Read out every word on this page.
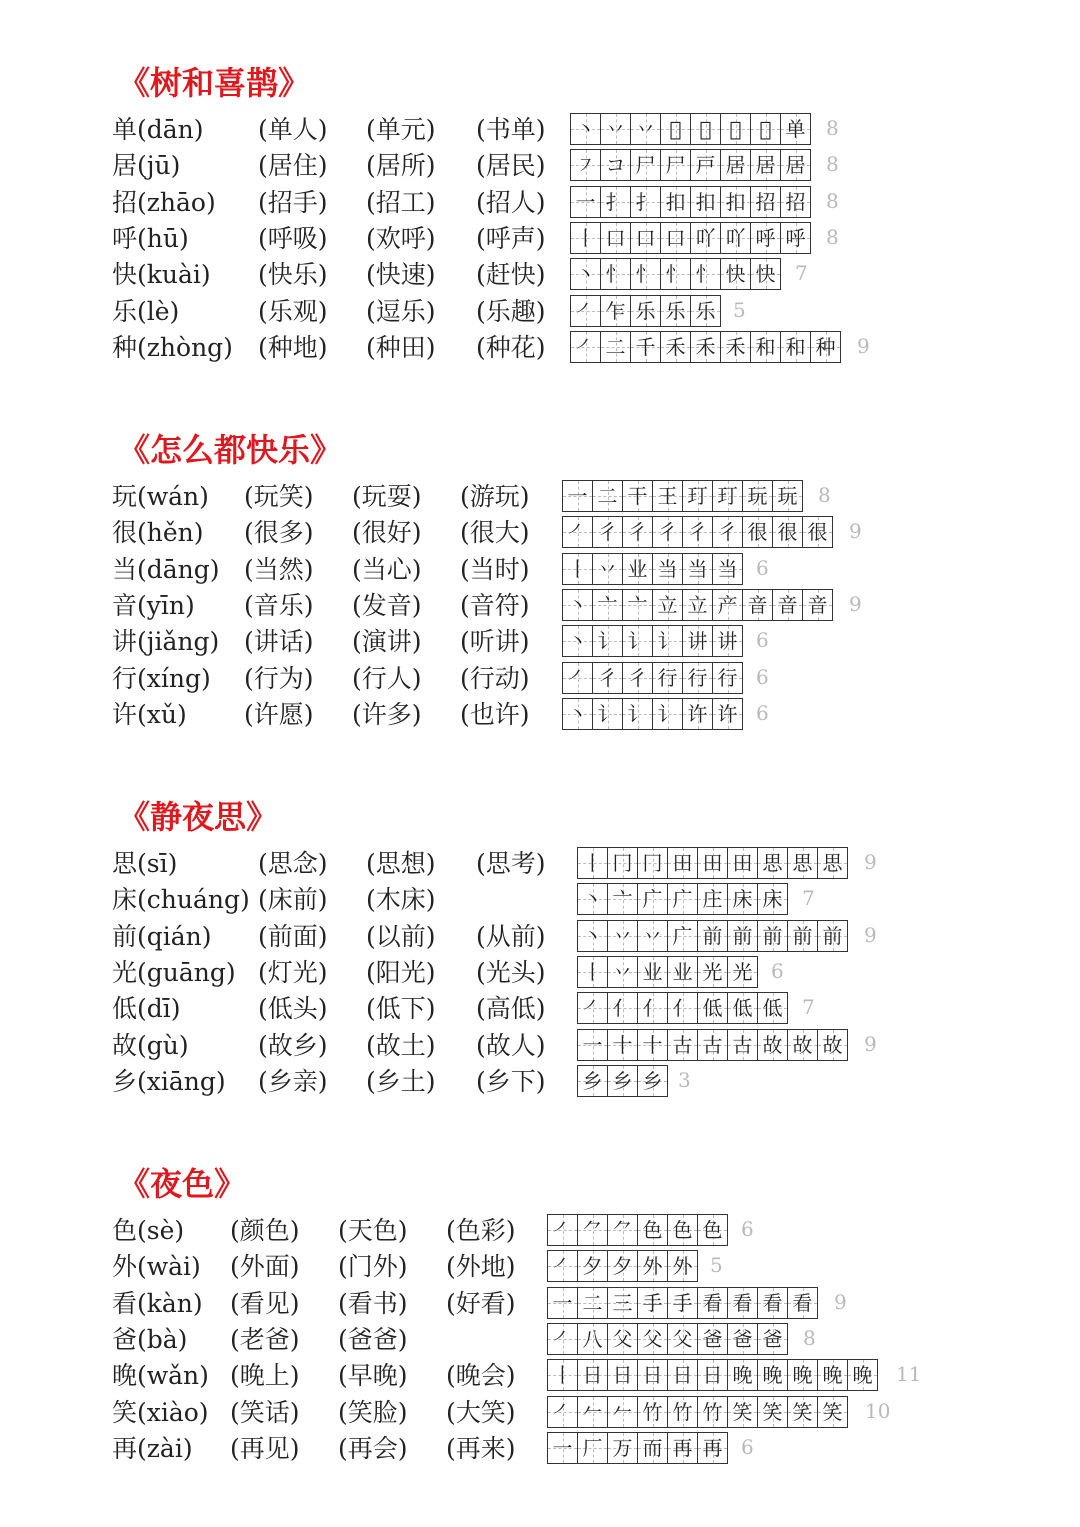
《树和喜鹊》
单(dān) (单人) (单元) (书单) 丶 丷 丷 𫝀 𫝀 𫝀 𫝀 单 8
居(jū)	(居住) (居所) (居民) ㇇ コ 尸 尸 戸 居 居 居 8
招(zhāo) (招手) (招工) (招人) 一 扌 扌 扣 扣 扣 招 招 8
呼(hū)	(呼吸) (欢呼) (呼声) 丨 口 口 口 吖 吖 呼 呼 8
快(kuài) (快乐) (快速) (赶快) 丶 忄 忄 忄 忄 快 快 7
乐(lè)	(乐观) (逗乐) (乐趣) ㇒ 乍 乐 乐 乐 5
种(zhòng) (种地) (种田) (种花) ㇒ 二 千 禾 禾 禾 和 和 种 9
《怎么都快乐》
玩(wán) (玩笑) (玩耍) (游玩) 一 二 干 王 玎 玎 玩 玩 8
很(hěn) (很多) (很好) (很大) ㇒ 彳 彳 彳 彳 彳 很 很 很 9
当(dāng) (当然) (当心) (当时) 丨 丷 业 当 当 当 6
音(yīn) (音乐) (发音) (音符) 丶 亠 亠 立 立 产 音 音 音 9
讲(jiǎng) (讲话) (演讲) (听讲) 丶 讠 讠 讠 讲 讲 6
行(xíng) (行为) (行人) (行动) ㇒ 彳 彳 行 行 行 6
许(xǔ) (许愿) (许多) (也许) 丶 讠 讠 讠 许 许 6
《静夜思》
思(sī)	(思念) (思想) (思考) 丨 冂 冂 田 田 田 思 思 思 9
床(chuáng) (床前) (木床)	丶 亠 广 广 庄 床 床 7
前(qián) (前面) (以前) (从前) 丶 丷 丷 广 前 前 前 前 前 9
光(guāng) (灯光) (阳光) (光头) 丨 丷 业 业 光 光 6
低(dī)	(低头) (低下) (高低) ㇒ 亻 亻 亻 低 低 低 7
故(gù)	(故乡) (故土) (故人) 一 十 十 古 古 古 故 故 故 9
乡(xiāng) (乡亲) (乡土) (乡下) 乡 乡 乡 3
《夜色》
色(sè) (颜色) (天色) (色彩) ㇒ ⺈ ⺈ 色 色 色 6
外(wài) (外面) (门外) (外地) ㇒ 夕 夕 外 外 5
看(kàn) (看见) (看书) (好看) 一 二 三 手 手 看 看 看 看 9
爸(bà) (老爸) (爸爸)	㇒ 八 父 父 父 爸 爸 爸 8
晚(wǎn) (晚上) (早晚) (晚会) 丨 日 日 日 日 日 晚 晚 晚 晚 晚 11
笑(xiào) (笑话) (笑脸) (大笑) ㇒ 𠂉 𠂉 竹 竹 竹 笑 笑 笑 笑 10
再(zài) (再见) (再会) (再来) 一 厂 万 而 再 再 6
